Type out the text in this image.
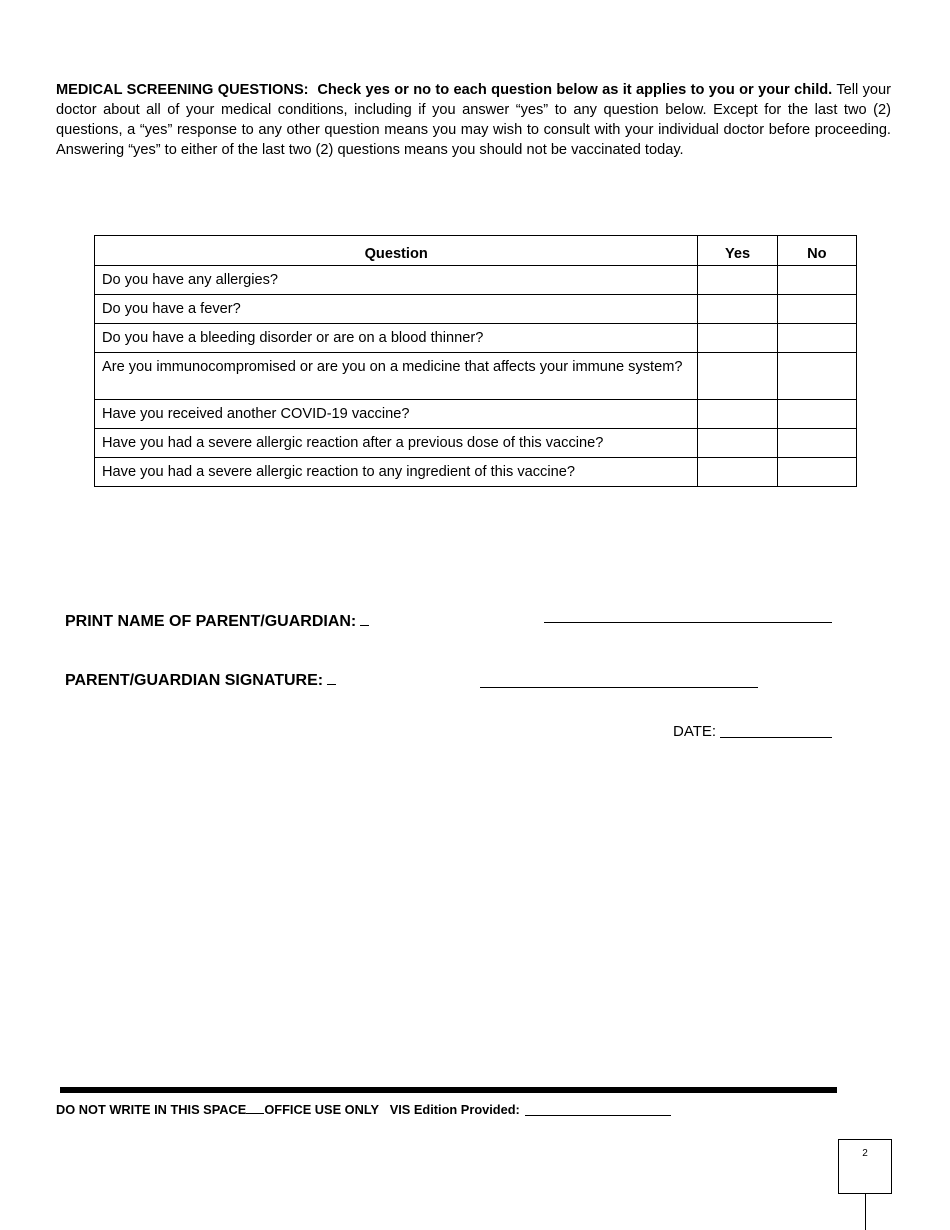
MEDICAL SCREENING QUESTIONS: Check yes or no to each question below as it applies to you or your child. Tell your doctor about all of your medical conditions, including if you answer “yes” to any question below. Except for the last two (2) questions, a “yes” response to any other question means you may wish to consult with your individual doctor before proceeding. Answering “yes” to either of the last two (2) questions means you should not be vaccinated today.
Question	Yes	No
Do you have any allergies?		
Do you have a fever?		
Do you have a bleeding disorder or are on a blood thinner?		
Are you immunocompromised or are you on a medicine that affects your immune system?		
Have you received another COVID-19 vaccine?		
Have you had a severe allergic reaction after a previous dose of this vaccine?		
Have you had a severe allergic reaction to any ingredient of this vaccine?		
PRINT NAME OF PARENT/GUARDIAN:
PARENT/GUARDIAN SIGNATURE:
DATE:
DO NOT WRITE IN THIS SPACE OFFICE USE ONLY VIS Edition Provided:
2
